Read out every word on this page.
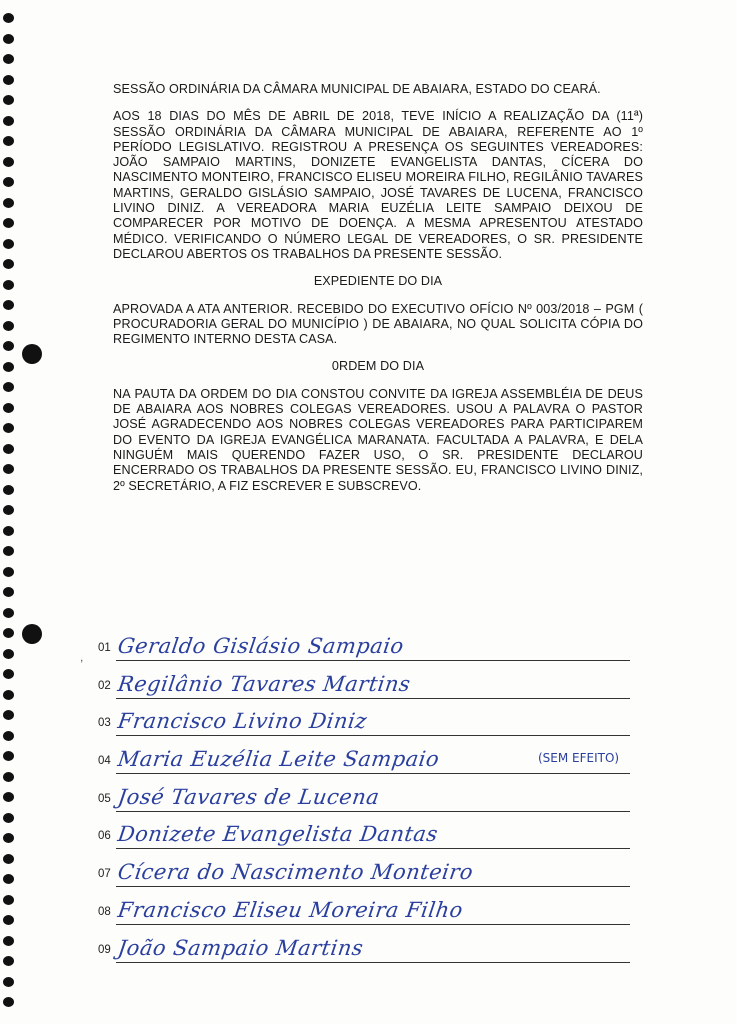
SESSÃO ORDINÁRIA DA CÂMARA MUNICIPAL DE ABAIARA, ESTADO DO CEARÁ.

AOS 18 DIAS DO MÊS DE ABRIL DE 2018, TEVE INÍCIO A REALIZAÇÃO DA (11ª) SESSÃO ORDINÁRIA DA CÂMARA MUNICIPAL DE ABAIARA, REFERENTE AO 1º PERÍODO LEGISLATIVO. REGISTROU A PRESENÇA OS SEGUINTES VEREADORES: JOÃO SAMPAIO MARTINS, DONIZETE EVANGELISTA DANTAS, CÍCERA DO NASCIMENTO MONTEIRO, FRANCISCO ELISEU MOREIRA FILHO, REGILÂNIO TAVARES MARTINS, GERALDO GISLÁSIO SAMPAIO, JOSÉ TAVARES DE LUCENA, FRANCISCO LIVINO DINIZ. A VEREADORA MARIA EUZÉLIA LEITE SAMPAIO DEIXOU DE COMPARECER POR MOTIVO DE DOENÇA. A MESMA APRESENTOU ATESTADO MÉDICO. VERIFICANDO O NÚMERO LEGAL DE VEREADORES, O SR. PRESIDENTE DECLAROU ABERTOS OS TRABALHOS DA PRESENTE SESSÃO.

EXPEDIENTE DO DIA

APROVADA A ATA ANTERIOR. RECEBIDO DO EXECUTIVO OFÍCIO Nº 003/2018 – PGM ( PROCURADORIA GERAL DO MUNICÍPIO ) DE ABAIARA, NO QUAL SOLICITA CÓPIA DO REGIMENTO INTERNO DESTA CASA.

0RDEM DO DIA

NA PAUTA DA ORDEM DO DIA CONSTOU CONVITE DA IGREJA ASSEMBLÉIA DE DEUS DE ABAIARA AOS NOBRES COLEGAS VEREADORES. USOU A PALAVRA O PASTOR JOSÉ AGRADECENDO AOS NOBRES COLEGAS VEREADORES PARA PARTICIPAREM DO EVENTO DA IGREJA EVANGÉLICA MARANATA. FACULTADA A PALAVRA, E DELA NINGUÉM MAIS QUERENDO FAZER USO, O SR. PRESIDENTE DECLAROU ENCERRADO OS TRABALHOS DA PRESENTE SESSÃO. EU, FRANCISCO LIVINO DINIZ, 2º SECRETÁRIO, A FIZ ESCREVER E SUBSCREVO.

,
01 Geraldo Gislásio Sampaio
02 Regilânio Tavares Martins
03 Francisco Livino Diniz
04 Maria Euzélia Leite Sampaio	(SEM EFEITO)
05 José Tavares de Lucena
06 Donizete Evangelista Dantas
07 Cícera do Nascimento Monteiro
08 Francisco Eliseu Moreira Filho
09 João Sampaio Martins
